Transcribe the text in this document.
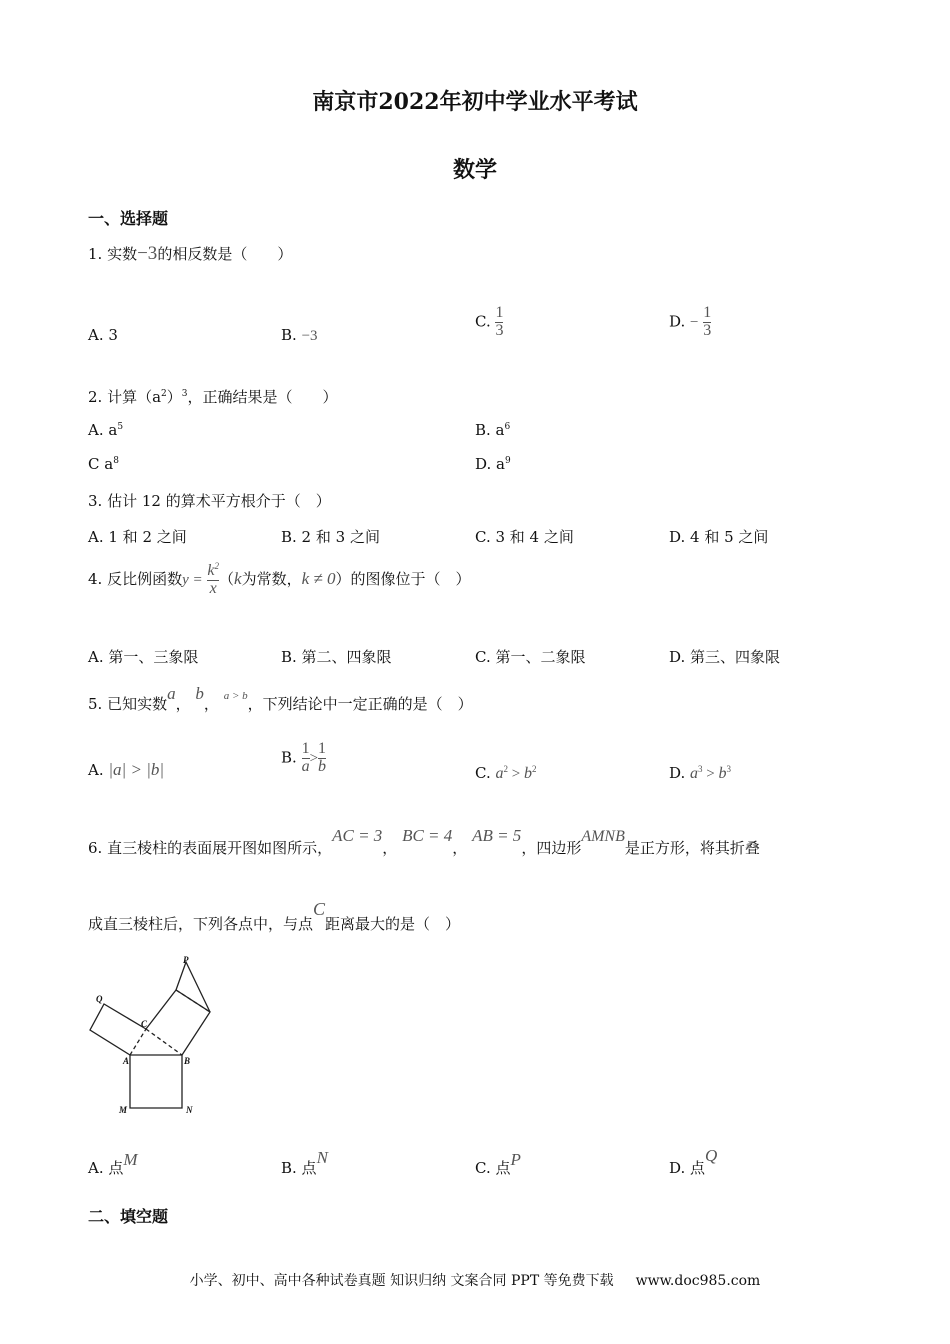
南京市2022年初中学业水平考试
数学
一、选择题
1. 实数−3的相反数是（　　）
A. 3	B. −3
C. $\frac{1}{3}$	D. − $\frac{1}{3}$
2. 计算$(a^2)^3$，正确结果是（　　）
A. $a^5$	B. $a^6$
C $a^8$	D. $a^9$
3. 估计 12 的算术平方根介于（　）
A. 1 和 2 之间	B. 2 和 3 之间	C. 3 和 4 之间	D. 4 和 5 之间
4. 反比例函数$y = \frac{k^2}{x} (k$为常数，k ≠ 0）的图像位于（　）
A. 第一、三象限	B. 第二、四象限	C. 第一、二象限	D. 第三、四象限
5. 已知实数a， b， $^{a > b}$，下列结论中一定正确的是（　）
A. |a| > |b|
B. $\frac{1}{a} > \frac{1}{b}$	C. $a^2 > b^2$	D. $a^3 > b^3$
6. 直三棱柱的表面展开图如图所示，AC = 3， BC = 4， AB = 5，四边形AMNB是正方形，将其折叠
成直三棱柱后，下列各点中，与点C距离最大的是（　）
P
Q
C
A	B
M	N
A. 点M	B. 点N
C. 点P	D. 点Q
二、填空题
小学、初中、高中各种试卷真题 知识归纳 文案合同 PPT 等免费下载 www.doc985.com
